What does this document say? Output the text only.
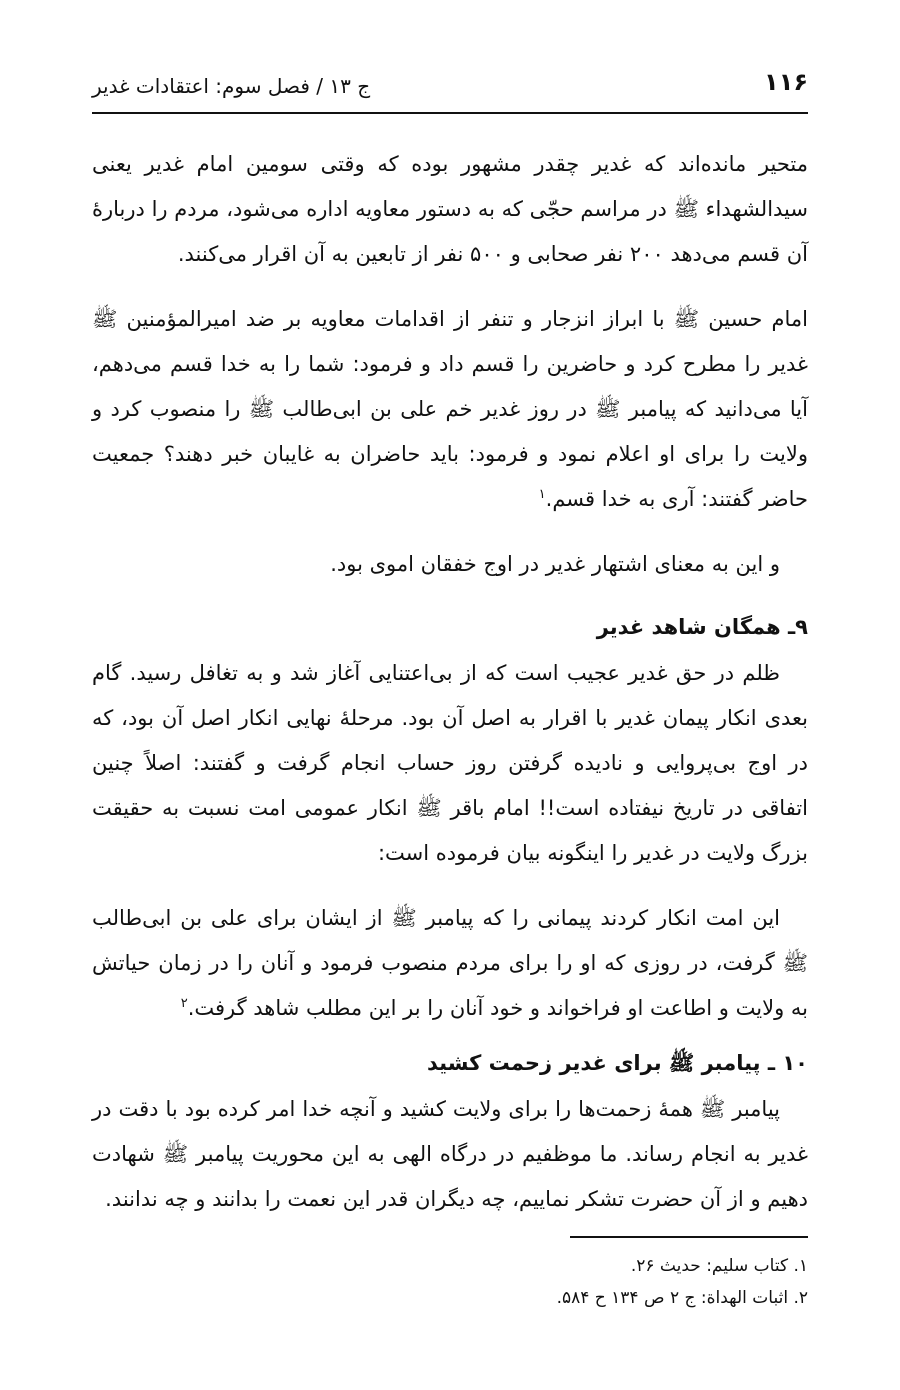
۱۱۶
ج ۱۳ / فصل سوم: اعتقادات غدیر

متحیر مانده‌اند که غدیر چقدر مشهور بوده که وقتی سومین امام غدیر یعنی سیدالشهداء ﷺ در مراسم حجّی که به دستور معاویه اداره می‌شود، مردم را دربارهٔ آن قسم می‌دهد ۲۰۰ نفر صحابی و ۵۰۰ نفر از تابعین به آن اقرار می‌کنند.

امام حسین ﷺ با ابراز انزجار و تنفر از اقدامات معاویه بر ضد امیرالمؤمنین ﷺ غدیر را مطرح کرد و حاضرین را قسم داد و فرمود: شما را به خدا قسم می‌دهم، آیا می‌دانید که پیامبر ﷺ در روز غدیر خم علی بن ابی‌طالب ﷺ را منصوب کرد و ولایت را برای او اعلام نمود و فرمود: باید حاضران به غایبان خبر دهند؟ جمعیت حاضر گفتند: آری به خدا قسم.$^۱$

و این به معنای اشتهار غدیر در اوج خفقان اموی بود.

۹ـ همگان شاهد غدیر

ظلم در حق غدیر عجیب است که از بی‌اعتنایی آغاز شد و به تغافل رسید. گام بعدی انکار پیمان غدیر با اقرار به اصل آن بود. مرحلهٔ نهایی انکار اصل آن بود، که در اوج بی‌پروایی و نادیده گرفتن روز حساب انجام گرفت و گفتند: اصلاً چنین اتفاقی در تاریخ نیفتاده است!! امام باقر ﷺ انکار عمومی امت نسبت به حقیقت بزرگ ولایت در غدیر را اینگونه بیان فرموده است:

این امت انکار کردند پیمانی را که پیامبر ﷺ از ایشان برای علی بن ابی‌طالب ﷺ گرفت، در روزی که او را برای مردم منصوب فرمود و آنان را در زمان حیاتش به ولایت و اطاعت او فراخواند و خود آنان را بر این مطلب شاهد گرفت.$^۲$

۱۰ ـ پیامبر ﷺ برای غدیر زحمت کشید

پیامبر ﷺ همهٔ زحمت‌ها را برای ولایت کشید و آنچه خدا امر کرده بود با دقت در غدیر به انجام رساند. ما موظفیم در درگاه الهی به این محوریت پیامبر ﷺ شهادت دهیم و از آن حضرت تشکر نماییم، چه دیگران قدر این نعمت را بدانند و چه ندانند.

۱. کتاب سلیم: حدیث ۲۶.

۲. اثبات الهداة: ج ۲ ص ۱۳۴ ح ۵۸۴.
